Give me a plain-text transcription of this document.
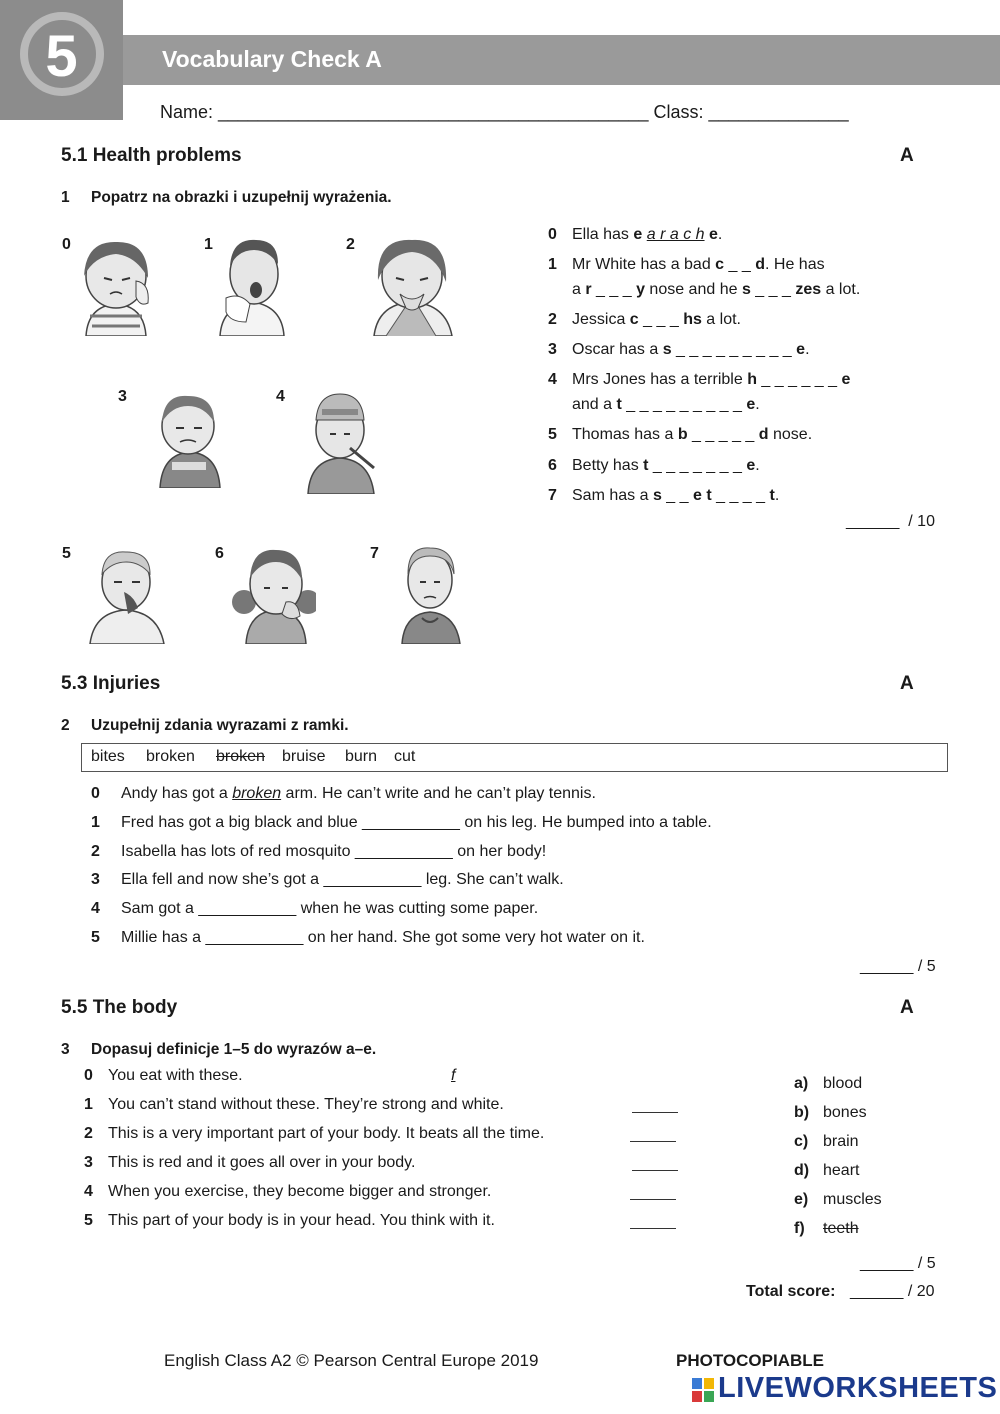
5	Vocabulary Check A
Name: ___________________________________________ Class: ______________
5.1 Health problems	A
1 Popatrz na obrazki i uzupełnij wyrażenia.
0	1	2
3	4
5	6	7
0 Ella has e a r a c h e.
1 Mr White has a bad c _ _ d. He has
a r _ _ _ y nose and he s _ _ _ zes a lot.
2 Jessica c _ _ _ hs a lot.
3 Oscar has a s _ _ _ _ _ _ _ _ _ e.
4 Mrs Jones has a terrible h _ _ _ _ _ _ e
and a t _ _ _ _ _ _ _ _ _ e.
5 Thomas has a b _ _ _ _ _ d nose.
6 Betty has t _ _ _ _ _ _ _ e.
7 Sam has a s _ _ e t _ _ _ _ t.
______  / 10
5.3 Injuries	A
2 Uzupełnij zdania wyrazami z ramki.
bites broken broken bruise burn cut
0 Andy has got a broken arm. He can’t write and he can’t play tennis.
1 Fred has got a big black and blue ___________ on his leg. He bumped into a table.
2 Isabella has lots of red mosquito ___________ on her body!
3 Ella fell and now she’s got a ___________ leg. She can’t walk.
4 Sam got a ___________ when he was cutting some paper.
5 Millie has a ___________ on her hand. She got some very hot water on it.
______ / 5
5.5 The body	A
3 Dopasuj definicje 1–5 do wyrazów a–e.
0 You eat with these.	f
1 You can’t stand without these. They’re strong and white.
2 This is a very important part of your body. It beats all the time.
3 This is red and it goes all over in your body.
4 When you exercise, they become bigger and stronger.
5 This part of your body is in your head. You think with it.
a) blood
b) bones
c) brain
d) heart
e) muscles
f) teeth
______ / 5
Total score: ______ / 20
English Class A2 © Pearson Central Europe 2019	PHOTOCOPIABLE
LIVEWORKSHEETS
